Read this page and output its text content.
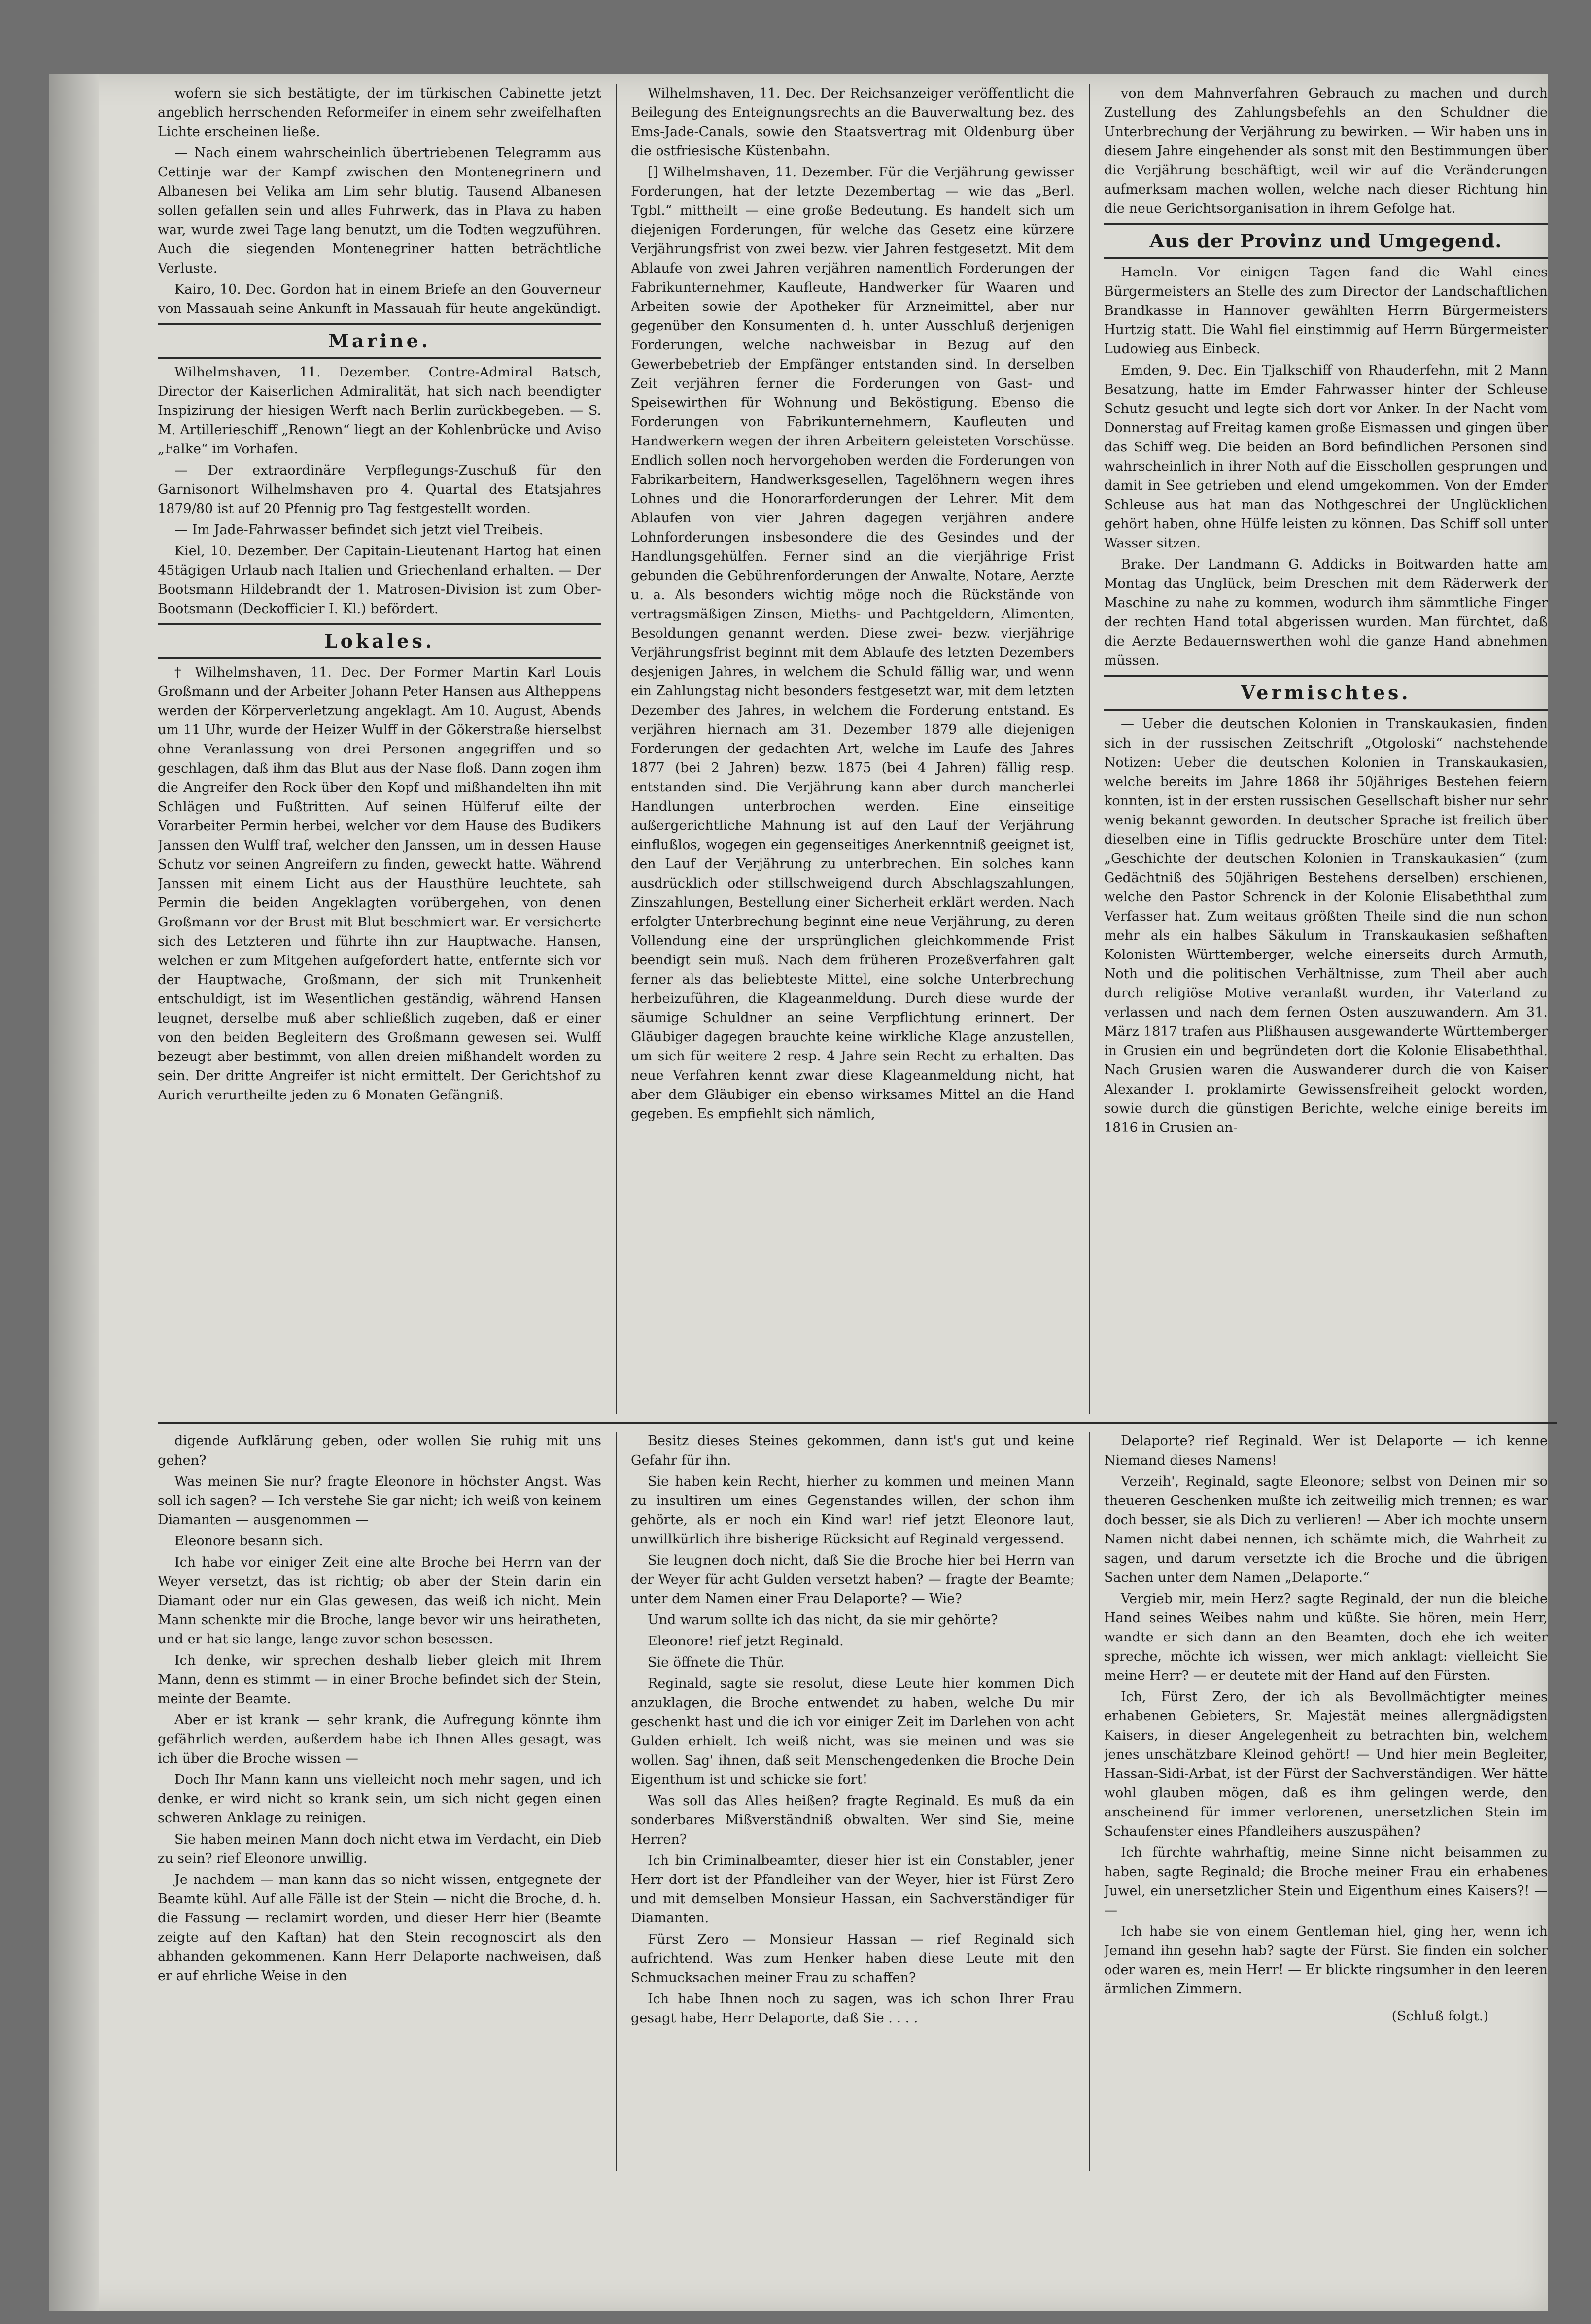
wofern sie sich bestätigte, der im türkischen Cabinette jetzt angeblich herrschenden Reformeifer in einem sehr zweifelhaften Lichte erscheinen ließe.

— Nach einem wahrscheinlich übertriebenen Telegramm aus Cettinje war der Kampf zwischen den Montenegrinern und Albanesen bei Velika am Lim sehr blutig. Tausend Albanesen sollen gefallen sein und alles Fuhrwerk, das in Plava zu haben war, wurde zwei Tage lang benutzt, um die Todten wegzuführen. Auch die siegenden Montenegriner hatten beträchtliche Verluste.

Kairo, 10. Dec. Gordon hat in einem Briefe an den Gouverneur von Massauah seine Ankunft in Massauah für heute angekündigt.

Marine.

Wilhelmshaven, 11. Dezember. Contre-Admiral Batsch, Director der Kaiserlichen Admiralität, hat sich nach beendigter Inspizirung der hiesigen Werft nach Berlin zurückbegeben. — S. M. Artillerieschiff „Renown“ liegt an der Kohlenbrücke und Aviso „Falke“ im Vorhafen.

— Der extraordinäre Verpflegungs-Zuschuß für den Garnisonort Wilhelmshaven pro 4. Quartal des Etatsjahres 1879/80 ist auf 20 Pfennig pro Tag festgestellt worden.

— Im Jade-Fahrwasser befindet sich jetzt viel Treibeis.

Kiel, 10. Dezember. Der Capitain-Lieutenant Hartog hat einen 45tägigen Urlaub nach Italien und Griechenland erhalten. — Der Bootsmann Hildebrandt der 1. Matrosen-Division ist zum Ober-Bootsmann (Deckofficier I. Kl.) befördert.

Lokales.

† Wilhelmshaven, 11. Dec. Der Former Martin Karl Louis Großmann und der Arbeiter Johann Peter Hansen aus Altheppens werden der Körperverletzung angeklagt. Am 10. August, Abends um 11 Uhr, wurde der Heizer Wulff in der Gökerstraße hierselbst ohne Veranlassung von drei Personen angegriffen und so geschlagen, daß ihm das Blut aus der Nase floß. Dann zogen ihm die Angreifer den Rock über den Kopf und mißhandelten ihn mit Schlägen und Fußtritten. Auf seinen Hülferuf eilte der Vorarbeiter Permin herbei, welcher vor dem Hause des Budikers Janssen den Wulff traf, welcher den Janssen, um in dessen Hause Schutz vor seinen Angreifern zu finden, geweckt hatte. Während Janssen mit einem Licht aus der Hausthüre leuchtete, sah Permin die beiden Angeklagten vorübergehen, von denen Großmann vor der Brust mit Blut beschmiert war. Er versicherte sich des Letzteren und führte ihn zur Hauptwache. Hansen, welchen er zum Mitgehen aufgefordert hatte, entfernte sich vor der Hauptwache, Großmann, der sich mit Trunkenheit entschuldigt, ist im Wesentlichen geständig, während Hansen leugnet, derselbe muß aber schließlich zugeben, daß er einer von den beiden Begleitern des Großmann gewesen sei. Wulff bezeugt aber bestimmt, von allen dreien mißhandelt worden zu sein. Der dritte Angreifer ist nicht ermittelt. Der Gerichtshof zu Aurich verurtheilte jeden zu 6 Monaten Gefängniß.

Wilhelmshaven, 11. Dec. Der Reichsanzeiger veröffentlicht die Beilegung des Enteignungsrechts an die Bauverwaltung bez. des Ems-Jade-Canals, sowie den Staatsvertrag mit Oldenburg über die ostfriesische Küstenbahn.

[] Wilhelmshaven, 11. Dezember. Für die Verjährung gewisser Forderungen, hat der letzte Dezembertag — wie das „Berl. Tgbl.“ mittheilt — eine große Bedeutung. Es handelt sich um diejenigen Forderungen, für welche das Gesetz eine kürzere Verjährungsfrist von zwei bezw. vier Jahren festgesetzt. Mit dem Ablaufe von zwei Jahren verjähren namentlich Forderungen der Fabrikunternehmer, Kaufleute, Handwerker für Waaren und Arbeiten sowie der Apotheker für Arzneimittel, aber nur gegenüber den Konsumenten d. h. unter Ausschluß derjenigen Forderungen, welche nachweisbar in Bezug auf den Gewerbebetrieb der Empfänger entstanden sind. In derselben Zeit verjähren ferner die Forderungen von Gast- und Speisewirthen für Wohnung und Beköstigung. Ebenso die Forderungen von Fabrikunternehmern, Kaufleuten und Handwerkern wegen der ihren Arbeitern geleisteten Vorschüsse. Endlich sollen noch hervorgehoben werden die Forderungen von Fabrikarbeitern, Handwerksgesellen, Tagelöhnern wegen ihres Lohnes und die Honorarforderungen der Lehrer. Mit dem Ablaufen von vier Jahren dagegen verjähren andere Lohnforderungen insbesondere die des Gesindes und der Handlungsgehülfen. Ferner sind an die vierjährige Frist gebunden die Gebührenforderungen der Anwalte, Notare, Aerzte u. a. Als besonders wichtig möge noch die Rückstände von vertragsmäßigen Zinsen, Mieths- und Pachtgeldern, Alimenten, Besoldungen genannt werden. Diese zwei- bezw. vierjährige Verjährungsfrist beginnt mit dem Ablaufe des letzten Dezembers desjenigen Jahres, in welchem die Schuld fällig war, und wenn ein Zahlungstag nicht besonders festgesetzt war, mit dem letzten Dezember des Jahres, in welchem die Forderung entstand. Es verjähren hiernach am 31. Dezember 1879 alle diejenigen Forderungen der gedachten Art, welche im Laufe des Jahres 1877 (bei 2 Jahren) bezw. 1875 (bei 4 Jahren) fällig resp. entstanden sind. Die Verjährung kann aber durch mancherlei Handlungen unterbrochen werden. Eine einseitige außergerichtliche Mahnung ist auf den Lauf der Verjährung einflußlos, wogegen ein gegenseitiges Anerkenntniß geeignet ist, den Lauf der Verjährung zu unterbrechen. Ein solches kann ausdrücklich oder stillschweigend durch Abschlagszahlungen, Zinszahlungen, Bestellung einer Sicherheit erklärt werden. Nach erfolgter Unterbrechung beginnt eine neue Verjährung, zu deren Vollendung eine der ursprünglichen gleichkommende Frist beendigt sein muß. Nach dem früheren Prozeßverfahren galt ferner als das beliebteste Mittel, eine solche Unterbrechung herbeizuführen, die Klageanmeldung. Durch diese wurde der säumige Schuldner an seine Verpflichtung erinnert. Der Gläubiger dagegen brauchte keine wirkliche Klage anzustellen, um sich für weitere 2 resp. 4 Jahre sein Recht zu erhalten. Das neue Verfahren kennt zwar diese Klageanmeldung nicht, hat aber dem Gläubiger ein ebenso wirksames Mittel an die Hand gegeben. Es empfiehlt sich nämlich,

von dem Mahnverfahren Gebrauch zu machen und durch Zustellung des Zahlungsbefehls an den Schuldner die Unterbrechung der Verjährung zu bewirken. — Wir haben uns in diesem Jahre eingehender als sonst mit den Bestimmungen über die Verjährung beschäftigt, weil wir auf die Veränderungen aufmerksam machen wollen, welche nach dieser Richtung hin die neue Gerichtsorganisation in ihrem Gefolge hat.

Aus der Provinz und Umgegend.

Hameln. Vor einigen Tagen fand die Wahl eines Bürgermeisters an Stelle des zum Director der Landschaftlichen Brandkasse in Hannover gewählten Herrn Bürgermeisters Hurtzig statt. Die Wahl fiel einstimmig auf Herrn Bürgermeister Ludowieg aus Einbeck.

Emden, 9. Dec. Ein Tjalkschiff von Rhauderfehn, mit 2 Mann Besatzung, hatte im Emder Fahrwasser hinter der Schleuse Schutz gesucht und legte sich dort vor Anker. In der Nacht vom Donnerstag auf Freitag kamen große Eismassen und gingen über das Schiff weg. Die beiden an Bord befindlichen Personen sind wahrscheinlich in ihrer Noth auf die Eisschollen gesprungen und damit in See getrieben und elend umgekommen. Von der Emder Schleuse aus hat man das Nothgeschrei der Unglücklichen gehört haben, ohne Hülfe leisten zu können. Das Schiff soll unter Wasser sitzen.

Brake. Der Landmann G. Addicks in Boitwarden hatte am Montag das Unglück, beim Dreschen mit dem Räderwerk der Maschine zu nahe zu kommen, wodurch ihm sämmtliche Finger der rechten Hand total abgerissen wurden. Man fürchtet, daß die Aerzte Bedauernswerthen wohl die ganze Hand abnehmen müssen.

Vermischtes.

— Ueber die deutschen Kolonien in Transkaukasien, finden sich in der russischen Zeitschrift „Otgoloski“ nachstehende Notizen: Ueber die deutschen Kolonien in Transkaukasien, welche bereits im Jahre 1868 ihr 50jähriges Bestehen feiern konnten, ist in der ersten russischen Gesellschaft bisher nur sehr wenig bekannt geworden. In deutscher Sprache ist freilich über dieselben eine in Tiflis gedruckte Broschüre unter dem Titel: „Geschichte der deutschen Kolonien in Transkaukasien“ (zum Gedächtniß des 50jährigen Bestehens derselben) erschienen, welche den Pastor Schrenck in der Kolonie Elisabeththal zum Verfasser hat. Zum weitaus größten Theile sind die nun schon mehr als ein halbes Säkulum in Transkaukasien seßhaften Kolonisten Württemberger, welche einerseits durch Armuth, Noth und die politischen Verhältnisse, zum Theil aber auch durch religiöse Motive veranlaßt wurden, ihr Vaterland zu verlassen und nach dem fernen Osten auszuwandern. Am 31. März 1817 trafen aus Plißhausen ausgewanderte Württemberger in Grusien ein und begründeten dort die Kolonie Elisabeththal. Nach Grusien waren die Auswanderer durch die von Kaiser Alexander I. proklamirte Gewissensfreiheit gelockt worden, sowie durch die günstigen Berichte, welche einige bereits im 1816 in Grusien an-

digende Aufklärung geben, oder wollen Sie ruhig mit uns gehen?

Was meinen Sie nur? fragte Eleonore in höchster Angst. Was soll ich sagen? — Ich verstehe Sie gar nicht; ich weiß von keinem Diamanten — ausgenommen —

Eleonore besann sich.

Ich habe vor einiger Zeit eine alte Broche bei Herrn van der Weyer versetzt, das ist richtig; ob aber der Stein darin ein Diamant oder nur ein Glas gewesen, das weiß ich nicht. Mein Mann schenkte mir die Broche, lange bevor wir uns heiratheten, und er hat sie lange, lange zuvor schon besessen.

Ich denke, wir sprechen deshalb lieber gleich mit Ihrem Mann, denn es stimmt — in einer Broche befindet sich der Stein, meinte der Beamte.

Aber er ist krank — sehr krank, die Aufregung könnte ihm gefährlich werden, außerdem habe ich Ihnen Alles gesagt, was ich über die Broche wissen —

Doch Ihr Mann kann uns vielleicht noch mehr sagen, und ich denke, er wird nicht so krank sein, um sich nicht gegen einen schweren Anklage zu reinigen.

Sie haben meinen Mann doch nicht etwa im Verdacht, ein Dieb zu sein? rief Eleonore unwillig.

Je nachdem — man kann das so nicht wissen, entgegnete der Beamte kühl. Auf alle Fälle ist der Stein — nicht die Broche, d. h. die Fassung — reclamirt worden, und dieser Herr hier (Beamte zeigte auf den Kaftan) hat den Stein recognoscirt als den abhanden gekommenen. Kann Herr Delaporte nachweisen, daß er auf ehrliche Weise in den

Besitz dieses Steines gekommen, dann ist's gut und keine Gefahr für ihn.

Sie haben kein Recht, hierher zu kommen und meinen Mann zu insultiren um eines Gegenstandes willen, der schon ihm gehörte, als er noch ein Kind war! rief jetzt Eleonore laut, unwillkürlich ihre bisherige Rücksicht auf Reginald vergessend.

Sie leugnen doch nicht, daß Sie die Broche hier bei Herrn van der Weyer für acht Gulden versetzt haben? — fragte der Beamte; unter dem Namen einer Frau Delaporte? — Wie?

Und warum sollte ich das nicht, da sie mir gehörte?

Eleonore! rief jetzt Reginald.

Sie öffnete die Thür.

Reginald, sagte sie resolut, diese Leute hier kommen Dich anzuklagen, die Broche entwendet zu haben, welche Du mir geschenkt hast und die ich vor einiger Zeit im Darlehen von acht Gulden erhielt. Ich weiß nicht, was sie meinen und was sie wollen. Sag' ihnen, daß seit Menschengedenken die Broche Dein Eigenthum ist und schicke sie fort!

Was soll das Alles heißen? fragte Reginald. Es muß da ein sonderbares Mißverständniß obwalten. Wer sind Sie, meine Herren?

Ich bin Criminalbeamter, dieser hier ist ein Constabler, jener Herr dort ist der Pfandleiher van der Weyer, hier ist Fürst Zero und mit demselben Monsieur Hassan, ein Sachverständiger für Diamanten.

Fürst Zero — Monsieur Hassan — rief Reginald sich aufrichtend. Was zum Henker haben diese Leute mit den Schmucksachen meiner Frau zu schaffen?

Ich habe Ihnen noch zu sagen, was ich schon Ihrer Frau gesagt habe, Herr Delaporte, daß Sie . . . .

Delaporte? rief Reginald. Wer ist Delaporte — ich kenne Niemand dieses Namens!

Verzeih', Reginald, sagte Eleonore; selbst von Deinen mir so theueren Geschenken mußte ich zeitweilig mich trennen; es war doch besser, sie als Dich zu verlieren! — Aber ich mochte unsern Namen nicht dabei nennen, ich schämte mich, die Wahrheit zu sagen, und darum versetzte ich die Broche und die übrigen Sachen unter dem Namen „Delaporte.“

Vergieb mir, mein Herz? sagte Reginald, der nun die bleiche Hand seines Weibes nahm und küßte. Sie hören, mein Herr, wandte er sich dann an den Beamten, doch ehe ich weiter spreche, möchte ich wissen, wer mich anklagt: vielleicht Sie meine Herr? — er deutete mit der Hand auf den Fürsten.

Ich, Fürst Zero, der ich als Bevollmächtigter meines erhabenen Gebieters, Sr. Majestät meines allergnädigsten Kaisers, in dieser Angelegenheit zu betrachten bin, welchem jenes unschätzbare Kleinod gehört! — Und hier mein Begleiter, Hassan-Sidi-Arbat, ist der Fürst der Sachverständigen. Wer hätte wohl glauben mögen, daß es ihm gelingen werde, den anscheinend für immer verlorenen, unersetzlichen Stein im Schaufenster eines Pfandleihers auszuspähen?

Ich fürchte wahrhaftig, meine Sinne nicht beisammen zu haben, sagte Reginald; die Broche meiner Frau ein erhabenes Juwel, ein unersetzlicher Stein und Eigenthum eines Kaisers?! — —

Ich habe sie von einem Gentleman hiel, ging her, wenn ich Jemand ihn gesehn hab? sagte der Fürst. Sie finden ein solcher oder waren es, mein Herr! — Er blickte ringsumher in den leeren ärmlichen Zimmern.

(Schluß folgt.)
